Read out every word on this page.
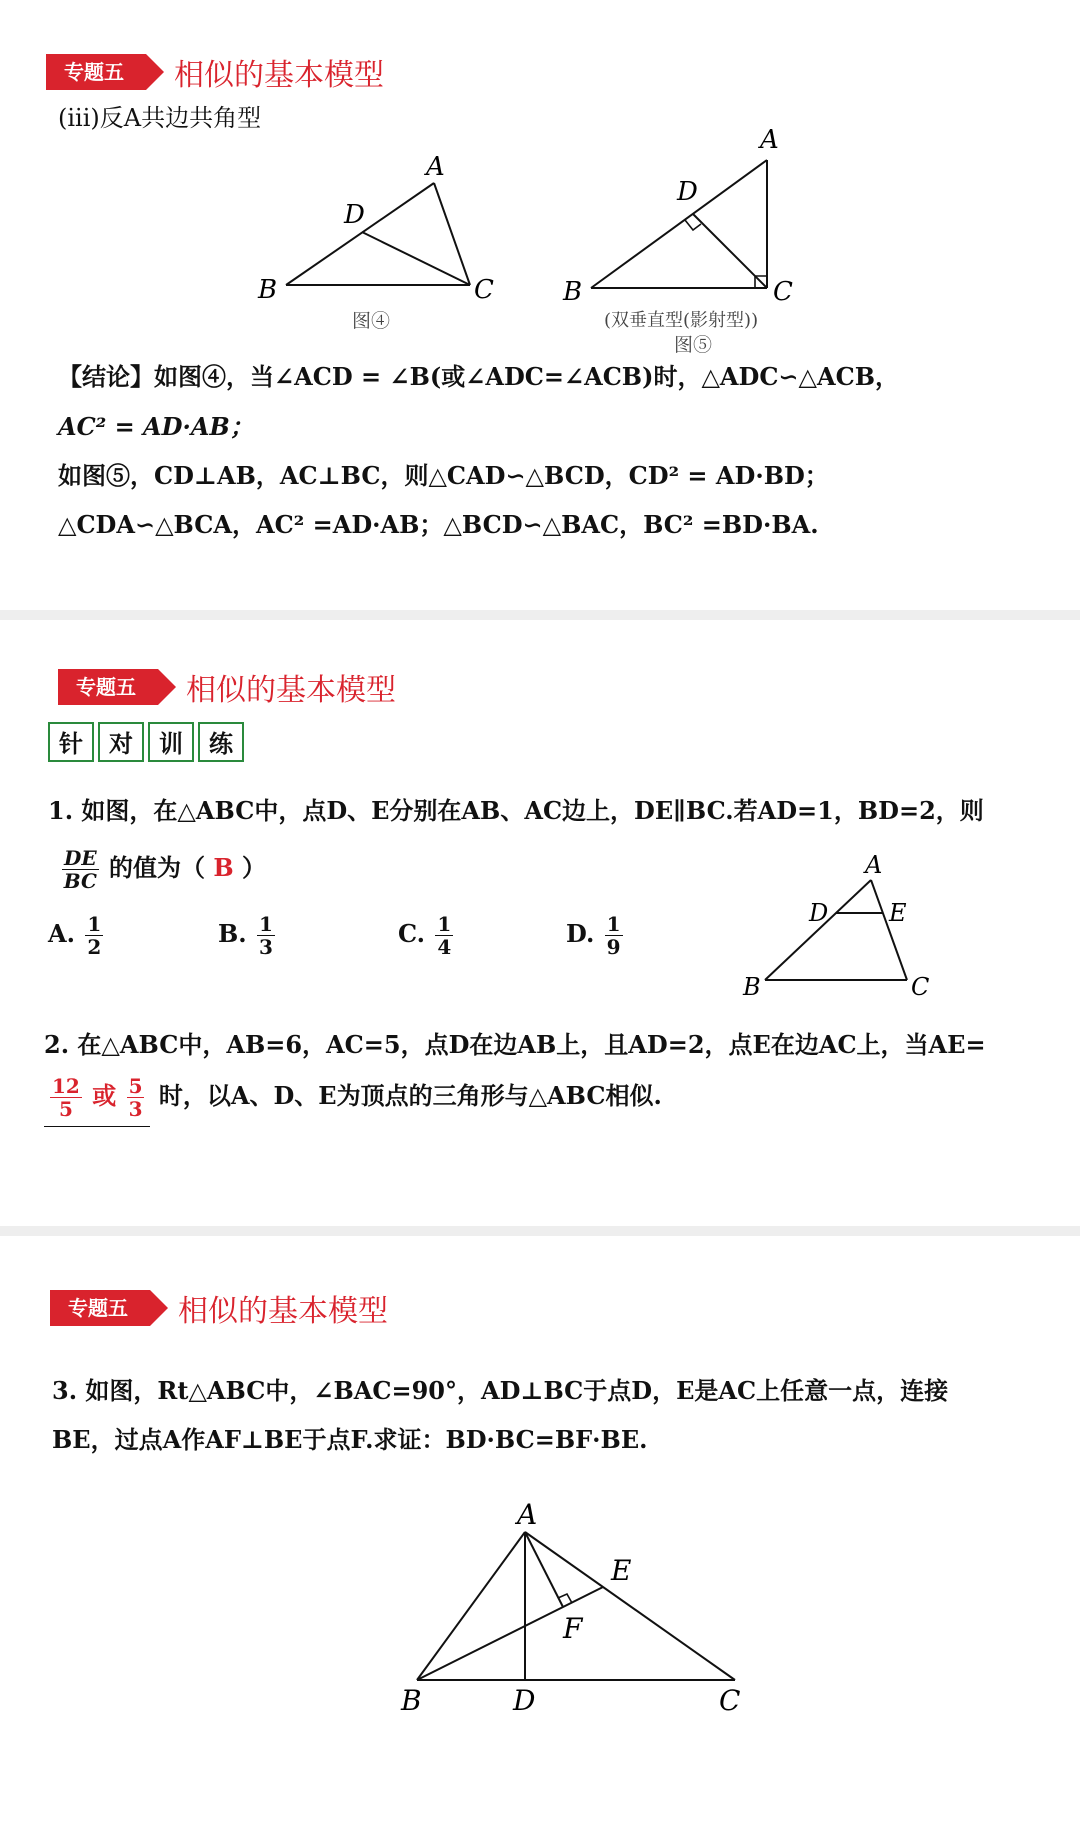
专题五	相似的基本模型
(iii)反A共边共角型
A
D
B	C
图④
A
D
B	C
(双垂直型(影射型))
图⑤
【结论】如图④，当∠ACD = ∠B(或∠ADC=∠ACB)时，△ADC∽△ACB，
AC² = AD·AB；
如图⑤，CD⊥AB，AC⊥BC，则△CAD∽△BCD，CD² = AD·BD；
△CDA∽△BCA，AC² =AD·AB；△BCD∽△BAC，BC² =BD·BA.
专题五	相似的基本模型
针	对	训	练
1. 如图，在△ABC中，点D、E分别在AB、AC边上，DE∥BC.若AD=1，BD=2，则
$\frac{DE}{BC}$ 的值为（ B ）
A. $\frac{1}{2}$	B. $\frac{1}{3}$	C. $\frac{1}{4}$	D. $\frac{1}{9}$
A
D	E
B	C
2. 在△ABC中，AB=6，AC=5，点D在边AB上，且AD=2，点E在边AC上，当AE=
$\frac{12}{5}$ 或 $\frac{5}{3}$ 时，以A、D、E为顶点的三角形与△ABC相似.
专题五	相似的基本模型
3. 如图，Rt△ABC中，∠BAC=90°，AD⊥BC于点D，E是AC上任意一点，连接
BE，过点A作AF⊥BE于点F.求证：BD·BC=BF·BE.
A
E
F
B	D	C
